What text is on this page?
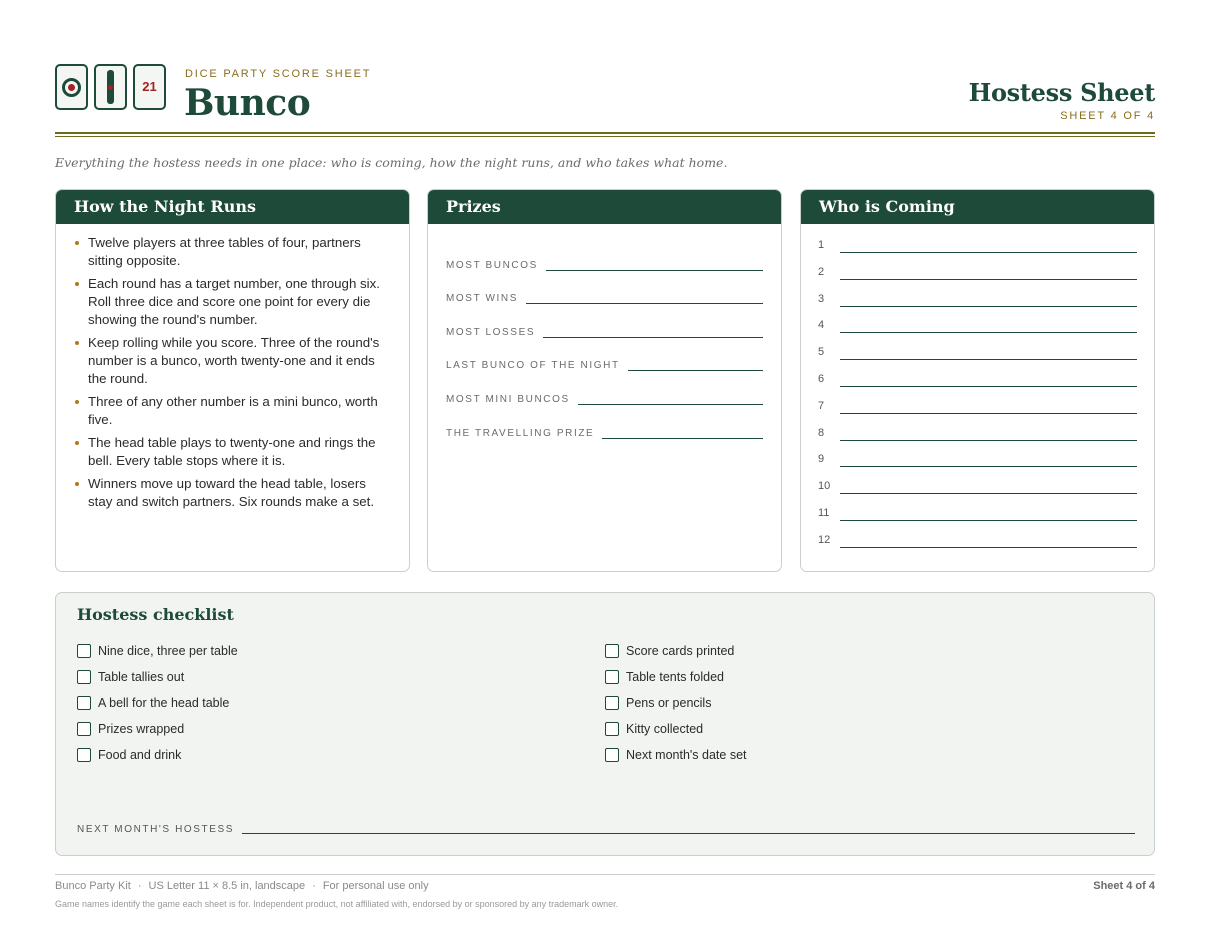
21
DICE PARTY SCORE SHEET
Bunco	Hostess Sheet
SHEET 4 OF 4
Everything the hostess needs in one place: who is coming, how the night runs, and who takes what home.
How the Night Runs
Twelve players at three tables of four, partners sitting opposite.
Each round has a target number, one through six. Roll three dice and score one point for every die showing the round's number.
Keep rolling while you score. Three of the round's number is a bunco, worth twenty-one and it ends the round.
Three of any other number is a mini bunco, worth five.
The head table plays to twenty-one and rings the bell. Every table stops where it is.
Winners move up toward the head table, losers stay and switch partners. Six rounds make a set.
Prizes
MOST BUNCOS
MOST WINS
MOST LOSSES
LAST BUNCO OF THE NIGHT
MOST MINI BUNCOS
THE TRAVELLING PRIZE
Who is Coming
1
2
3
4
5
6
7
8
9
10
11
12
Hostess checklist
Nine dice, three per table
Table tallies out
A bell for the head table
Prizes wrapped
Food and drink
Score cards printed
Table tents folded
Pens or pencils
Kitty collected
Next month's date set
NEXT MONTH'S HOSTESS
Bunco Party Kit · US Letter 11 × 8.5 in, landscape · For personal use only	Sheet 4 of 4
Game names identify the game each sheet is for. Independent product, not affiliated with, endorsed by or sponsored by any trademark owner.
